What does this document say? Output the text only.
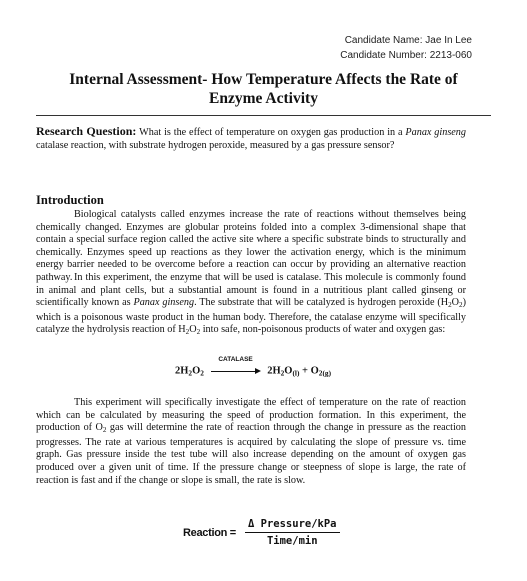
Candidate Name: Jae In Lee
Candidate Number: 2213-060
Internal Assessment- How Temperature Affects the Rate of
Enzyme Activity
Research Question: What is the effect of temperature on oxygen gas production in a Panax ginseng catalase reaction, with substrate hydrogen peroxide, measured by a gas pressure sensor?
Introduction

Biological catalysts called enzymes increase the rate of reactions without themselves being chemically changed. Enzymes are globular proteins folded into a complex 3-dimensional shape that contain a special surface region called the active site where a specific substrate binds to structurally and chemically. Enzymes speed up reactions as they lower the activation energy, which is the minimum energy barrier needed to be overcome before a reaction can occur by providing an alternative reaction pathway. In this experiment, the enzyme that will be used is catalase. This molecule is commonly found in animal and plant cells, but a substantial amount is found in a nutritious plant called ginseng or scientifically known as Panax ginseng. The substrate that will be catalyzed is hydrogen peroxide $(H_2O_2)$ which is a poisonous waste product in the human body. Therefore, the catalase enzyme will specifically catalyze the hydrolysis reaction of $H_2O_2$ into safe, non-poisonous products of water and oxygen gas:

$2H_2O_2$
CATALASE
$2H_2O_{(l)} + O_{2(g)}$

This experiment will specifically investigate the effect of temperature on the rate of reaction which can be calculated by measuring the speed of production formation. In this experiment, the production of $O_2$ gas will determine the rate of reaction through the change in pressure as the reaction progresses. The rate at various temperatures is acquired by calculating the slope of pressure vs. time graph. Gas pressure inside the test tube will also increase depending on the amount of oxygen gas produced over a given unit of time. If the pressure change or steepness of slope is large, the rate of reaction is fast and if the change or slope is small, the rate is slow.

Reaction = $\frac{\text{Δ Pressure/kPa}}{\text{Time/min}}$
